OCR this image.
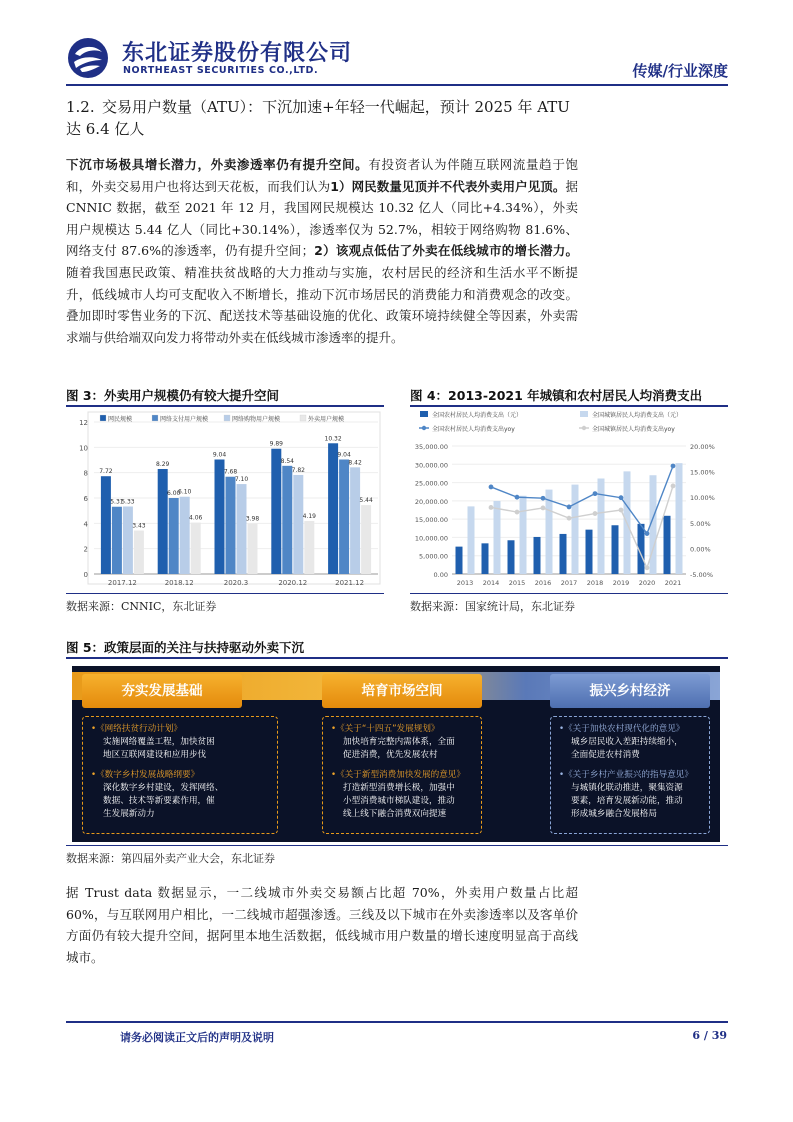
东北证券股份有限公司
NORTHEAST SECURITIES CO.,LTD.	传媒/行业深度
1.2. 交易用户数量（ATU）：下沉加速+年轻一代崛起，预计 2025 年 ATU 达 6.4 亿人
下沉市场极具增长潜力，外卖渗透率仍有提升空间。有投资者认为伴随互联网流量趋于饱和，外卖交易用户也将达到天花板，而我们认为1）网民数量见顶并不代表外卖用户见顶。据 CNNIC 数据，截至 2021 年 12 月，我国网民规模达 10.32 亿人（同比+4.34%），外卖用户规模达 5.44 亿人（同比+30.14%），渗透率仅为 52.7%，相较于网络购物 81.6%、网络支付 87.6%的渗透率，仍有提升空间；2）该观点低估了外卖在低线城市的增长潜力。随着我国惠民政策、精准扶贫战略的大力推动与实施，农村居民的经济和生活水平不断提升，低线城市人均可支配收入不断增长，推动下沉市场居民的消费能力和消费观念的改变。叠加即时零售业务的下沉、配送技术等基础设施的优化、政策环境持续健全等因素，外卖需求端与供给端双向发力将带动外卖在低线城市渗透率的提升。
图 3：外卖用户规模仍有较大提升空间
0
2
4
6
8
10
12	网民规模	网络支付用户规模	网络购物用户规模	外卖用户规模
7.72
5.31
5.33
3.43
2017.12
8.29
6.00
6.10
4.06
2018.12
9.04
7.68
7.10
3.98
2020.3
9.89
8.54
7.82
4.19
2020.12
10.32
9.04
8.42
5.44
2021.12
数据来源：CNNIC，东北证券
图 4：2013-2021 年城镇和农村居民人均消费支出
0.00
5,000.00
10,000.00
15,000.00
20,000.00
25,000.00
30,000.00
35,000.00
-5.00%
0.00%
5.00%
10.00%
15.00%
20.00%
全国农村居民人均消费支出（元）	全国城镇居民人均消费支出（元）
全国农村居民人均消费支出yoy	全国城镇居民人均消费支出yoy
2013 2014 2015 2016 2017 2018 2019 2020 2021
数据来源：国家统计局，东北证券
图 5：政策层面的关注与扶持驱动外卖下沉
夯实发展基础	培育市场空间	振兴乡村经济
•《网络扶贫行动计划》
实施网络覆盖工程，加快贫困
地区互联网建设和应用步伐
•《数字乡村发展战略纲要》
深化数字乡村建设，发挥网络、
数据、技术等新要素作用，催
生发展新动力
•《关于“十四五”发展规划》
加快培育完整内需体系，全面
促进消费，优先发展农村
•《关于新型消费加快发展的意见》
打造新型消费增长极，加强中
小型消费城市梯队建设，推动
线上线下融合消费双向提速
•《关于加快农村现代化的意见》
城乡居民收入差距持续缩小，
全面促进农村消费
•《关于乡村产业振兴的指导意见》
与城镇化联动推进，聚集资源
要素，培育发展新动能，推动
形成城乡融合发展格局
数据来源：第四届外卖产业大会，东北证券
据 Trust data 数据显示，一二线城市外卖交易额占比超 70%，外卖用户数量占比超 60%，与互联网用户相比，一二线城市超强渗透。三线及以下城市在外卖渗透率以及客单价方面仍有较大提升空间，据阿里本地生活数据，低线城市用户数量的增长速度明显高于高线城市。
请务必阅读正文后的声明及说明	6 / 39
